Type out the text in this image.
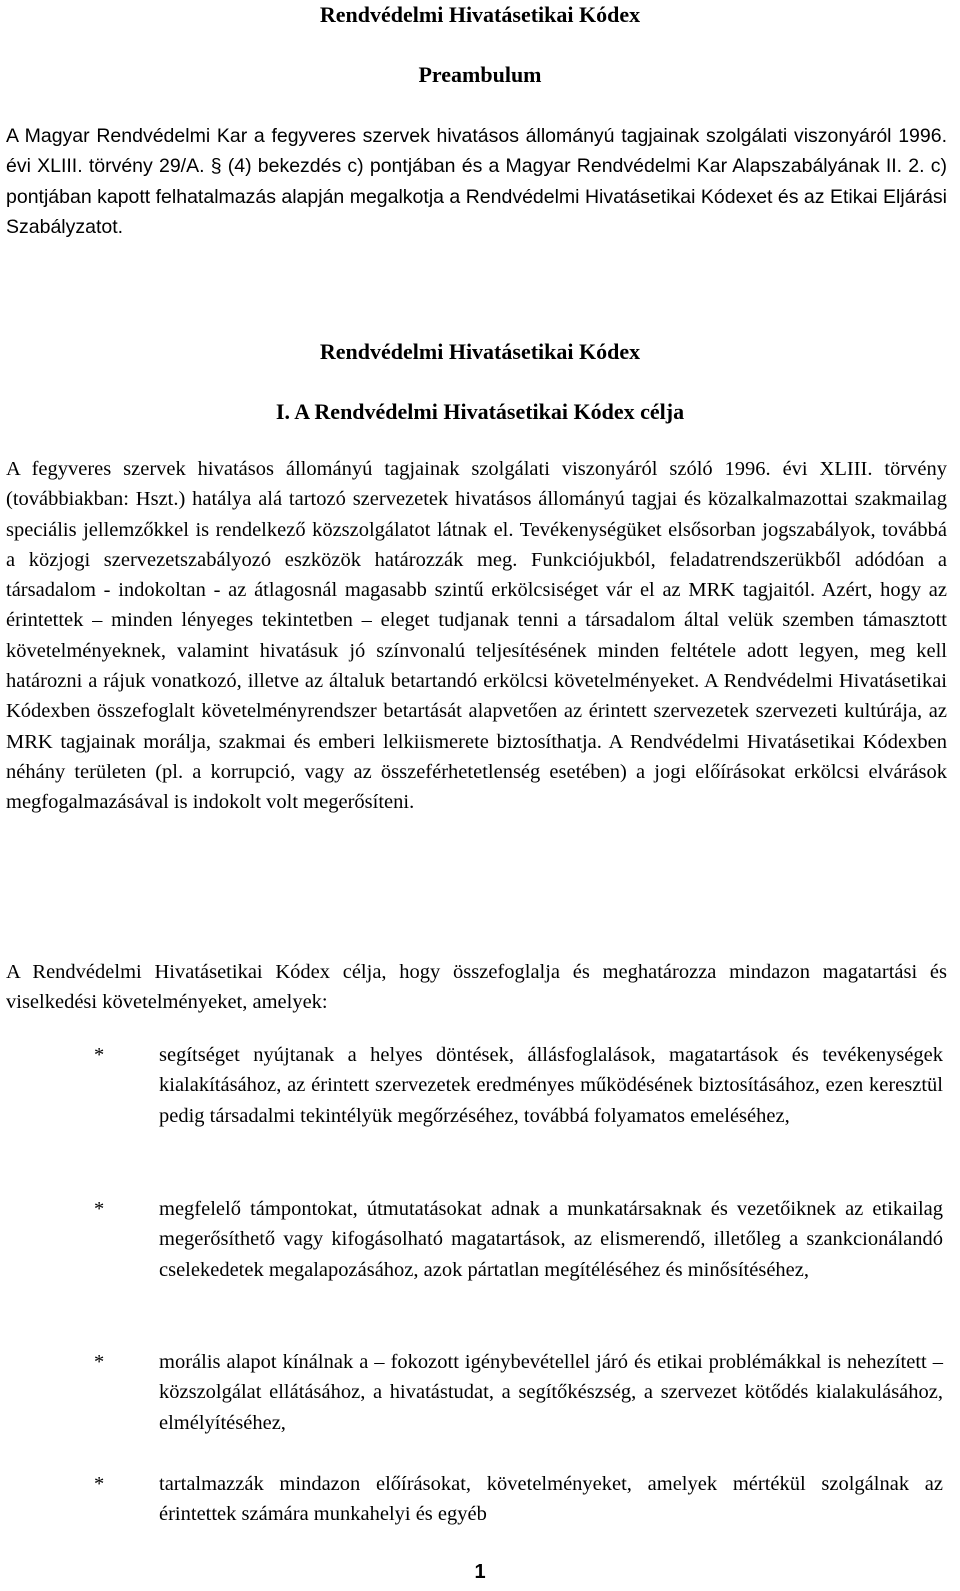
Rendvédelmi Hivatásetikai Kódex
Preambulum

A Magyar Rendvédelmi Kar a fegyveres szervek hivatásos állományú tagjainak szolgálati viszonyáról 1996. évi XLIII. törvény 29/A. § (4) bekezdés c) pontjában és a Magyar Rendvédelmi Kar Alapszabályának II. 2. c) pontjában kapott felhatalmazás alapján megalkotja a Rendvédelmi Hivatásetikai Kódexet és az Etikai Eljárási Szabályzatot.

Rendvédelmi Hivatásetikai Kódex
I. A Rendvédelmi Hivatásetikai Kódex célja

A fegyveres szervek hivatásos állományú tagjainak szolgálati viszonyáról szóló 1996. évi XLIII. törvény (továbbiakban: Hszt.) hatálya alá tartozó szervezetek hivatásos állományú tagjai és közalkalmazottai szakmailag speciális jellemzőkkel is rendelkező közszolgálatot látnak el. Tevékenységüket elsősorban jogszabályok, továbbá a közjogi szervezetszabályozó eszközök határozzák meg. Funkciójukból, feladatrendszerükből adódóan a társadalom - indokoltan - az átlagosnál magasabb szintű erkölcsiséget vár el az MRK tagjaitól. Azért, hogy az érintettek – minden lényeges tekintetben – eleget tudjanak tenni a társadalom által velük szemben támasztott követelményeknek, valamint hivatásuk jó színvonalú teljesítésének minden feltétele adott legyen, meg kell határozni a rájuk vonatkozó, illetve az általuk betartandó erkölcsi követelményeket. A Rendvédelmi Hivatásetikai Kódexben összefoglalt követelményrendszer betartását alapvetően az érintett szervezetek szervezeti kultúrája, az MRK tagjainak morálja, szakmai és emberi lelkiismerete biztosíthatja. A Rendvédelmi Hivatásetikai Kódexben néhány területen (pl. a korrupció, vagy az összeférhetetlenség esetében) a jogi előírásokat erkölcsi elvárások megfogalmazásával is indokolt volt megerősíteni.

A Rendvédelmi Hivatásetikai Kódex célja, hogy összefoglalja és meghatározza mindazon magatartási és viselkedési követelményeket, amelyek:

*	segítséget nyújtanak a helyes döntések, állásfoglalások, magatartások és tevékenységek kialakításához, az érintett szervezetek eredményes működésének biztosításához, ezen keresztül pedig társadalmi tekintélyük megőrzéséhez, továbbá folyamatos emeléséhez,

*	megfelelő támpontokat, útmutatásokat adnak a munkatársaknak és vezetőiknek az etikailag megerősíthető vagy kifogásolható magatartások, az elismerendő, illetőleg a szankcionálandó cselekedetek megalapozásához, azok pártatlan megítéléséhez és minősítéséhez,

*	morális alapot kínálnak a – fokozott igénybevétellel járó és etikai problémákkal is nehezített – közszolgálat ellátásához, a hivatástudat, a segítőkészség, a szervezet kötődés kialakulásához, elmélyítéséhez,

*	tartalmazzák mindazon előírásokat, követelményeket, amelyek mértékül szolgálnak az érintettek számára munkahelyi és egyéb

1
